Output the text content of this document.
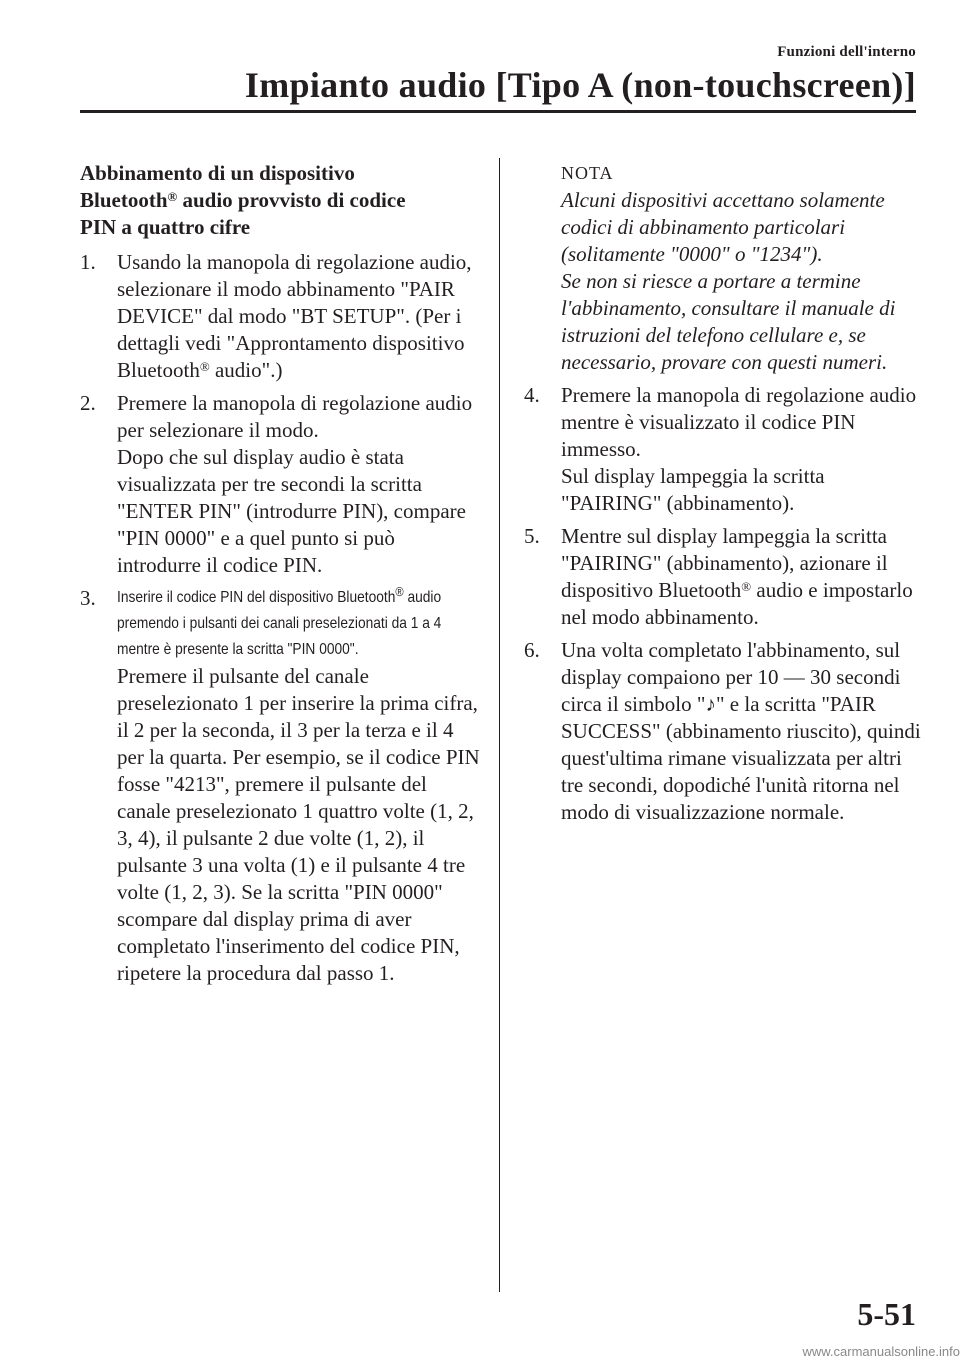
Funzioni dell'interno
Impianto audio [Tipo A (non-touchscreen)]
Abbinamento di un dispositivo
Bluetooth® audio provvisto di codice
PIN a quattro cifre
1. Usando la manopola di regolazione audio, selezionare il modo abbinamento "PAIR DEVICE" dal modo "BT SETUP". (Per i dettagli vedi "Approntamento dispositivo Bluetooth® audio".)

2. Premere la manopola di regolazione audio per selezionare il modo.

Dopo che sul display audio è stata visualizzata per tre secondi la scritta "ENTER PIN" (introdurre PIN), compare "PIN 0000" e a quel punto si può introdurre il codice PIN.

3. Inserire il codice PIN del dispositivo Bluetooth® audio premendo i pulsanti dei canali preselezionati da 1 a 4 mentre è presente la scritta "PIN 0000".

Premere il pulsante del canale preselezionato 1 per inserire la prima cifra, il 2 per la seconda, il 3 per la terza e il 4 per la quarta. Per esempio, se il codice PIN fosse "4213", premere il pulsante del canale preselezionato 1 quattro volte (1, 2, 3, 4), il pulsante 2 due volte (1, 2), il pulsante 3 una volta (1) e il pulsante 4 tre volte (1, 2, 3). Se la scritta "PIN 0000" scompare dal display prima di aver completato l'inserimento del codice PIN, ripetere la procedura dal passo 1.

NOTA
Alcuni dispositivi accettano solamente codici di abbinamento particolari (solitamente "0000" o "1234").
Se non si riesce a portare a termine l'abbinamento, consultare il manuale di istruzioni del telefono cellulare e, se necessario, provare con questi numeri.
4. Premere la manopola di regolazione audio mentre è visualizzato il codice PIN immesso.

Sul display lampeggia la scritta "PAIRING" (abbinamento).

5. Mentre sul display lampeggia la scritta "PAIRING" (abbinamento), azionare il dispositivo Bluetooth® audio e impostarlo nel modo abbinamento.

6. Una volta completato l'abbinamento, sul display compaiono per 10 — 30 secondi circa il simbolo "♪" e la scritta "PAIR SUCCESS" (abbinamento riuscito), quindi quest'ultima rimane visualizzata per altri tre secondi, dopodiché l'unità ritorna nel modo di visualizzazione normale.

5-51
www.carmanualsonline.info
